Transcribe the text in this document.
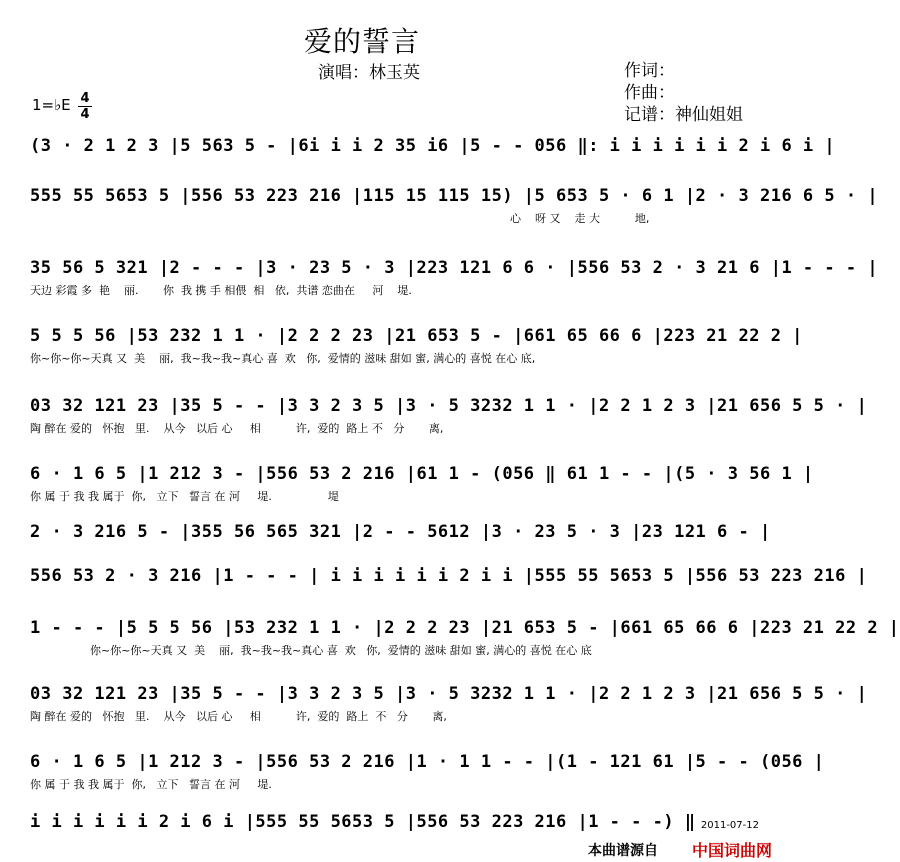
爱的誓言
演唱：林玉英	作词：
作曲：
记谱：神仙姐姐
1=♭E 4
4
(3 · 2 1 2 3 |5 563 5 - |6i i i 2 35 i6 |5 - - 056 ‖: i i i i i i 2 i 6 i |
555 55 5653 5 |556 53 223 216 |115 15 115 15) |5 653 5 · 6 1 |2 · 3 216 6 5 · |
心    呀 又    走 大          地,
35 56 5 321 |2 - - - |3 · 23 5 · 3 |223 121 6 6 · |556 53 2 · 3 21 6 |1 - - - |
天边 彩霞 多  艳    丽.       你  我 携 手 相偎  相   依,  共谱 恋曲在     河    堤.
5 5 5 56 |53 232 1 1 · |2 2 2 23 |21 653 5 - |661 65 66 6 |223 21 22 2 |
你~你~你~天真 又  美    丽,  我~我~我~真心 喜  欢   你,  爱情的 滋味 甜如 蜜, 满心的 喜悦 在心 底,
03 32 121 23 |35 5 - - |3 3 2 3 5 |3 · 5 3232 1 1 · |2 2 1 2 3 |21 656 5 5 · |
陶 醉在 爱的   怀抱   里.    从今   以后 心     相          许,  爱的  路上 不   分       离,
6 · 1 6 5 |1 212 3 - |556 53 2 216 |61 1 - (056 ‖ 61 1 - - |(5 · 3 56 1 |
你 属 于 我 我 属于  你,   立下   誓言 在 河     堤.                堤
2 · 3 216 5 - |355 56 565 321 |2 - - 5612 |3 · 23 5 · 3 |23 121 6 - |
556 53 2 · 3 216 |1 - - - | i i i i i i 2 i i |555 55 5653 5 |556 53 223 216 |
1 - - - |5 5 5 56 |53 232 1 1 · |2 2 2 23 |21 653 5 - |661 65 66 6 |223 21 22 2 |
你~你~你~天真 又  美    丽,  我~我~我~真心 喜  欢   你,  爱情的 滋味 甜如 蜜, 满心的 喜悦 在心 底
03 32 121 23 |35 5 - - |3 3 2 3 5 |3 · 5 3232 1 1 · |2 2 1 2 3 |21 656 5 5 · |
陶 醉在 爱的   怀抱   里.    从今   以后 心     相          许,  爱的  路上  不   分       离,
6 · 1 6 5 |1 212 3 - |556 53 2 216 |1 · 1 1 - - |(1 - 121 61 |5 - - (056 |
你 属 于 我 我 属于  你,   立下   誓言 在 河     堤.
i i i i i i 2 i 6 i |555 55 5653 5 |556 53 223 216 |1 - - -) ‖ 2011-07-12
本曲谱源自 中国词曲网
